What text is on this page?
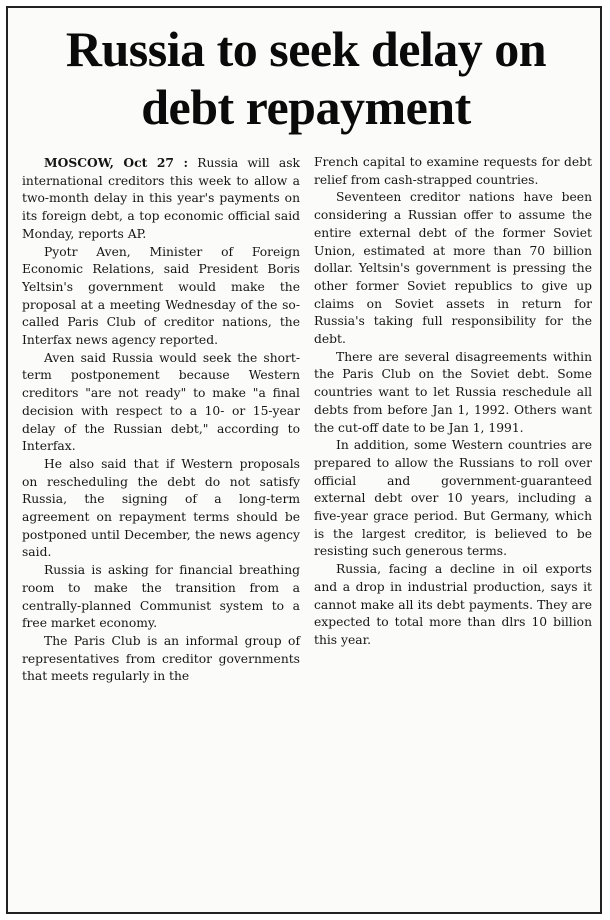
Russia to seek delay on
debt repayment

MOSCOW, Oct 27 : Russia will ask international creditors this week to allow a two-month delay in this year's payments on its foreign debt, a top economic official said Monday, reports AP.

Pyotr Aven, Minister of Foreign Economic Relations, said President Boris Yeltsin's government would make the proposal at a meeting Wednesday of the so-called Paris Club of creditor nations, the Interfax news agency reported.

Aven said Russia would seek the short-term postponement because Western creditors "are not ready" to make "a final decision with respect to a 10- or 15-year delay of the Russian debt," according to Interfax.

He also said that if Western proposals on rescheduling the debt do not satisfy Russia, the signing of a long-term agreement on repayment terms should be postponed until December, the news agency said.

Russia is asking for financial breathing room to make the transition from a centrally-planned Communist system to a free market economy.

The Paris Club is an informal group of representatives from creditor governments that meets regularly in the

French capital to examine requests for debt relief from cash-strapped countries.

Seventeen creditor nations have been considering a Russian offer to assume the entire external debt of the former Soviet Union, estimated at more than 70 billion dollar. Yeltsin's government is pressing the other former Soviet republics to give up claims on Soviet assets in return for Russia's taking full responsibility for the debt.

There are several disagreements within the Paris Club on the Soviet debt. Some countries want to let Russia reschedule all debts from before Jan 1, 1992. Others want the cut-off date to be Jan 1, 1991.

In addition, some Western countries are prepared to allow the Russians to roll over official and government-guaranteed external debt over 10 years, including a five-year grace period. But Germany, which is the largest creditor, is believed to be resisting such generous terms.

Russia, facing a decline in oil exports and a drop in industrial production, says it cannot make all its debt payments. They are expected to total more than dlrs 10 billion this year.
